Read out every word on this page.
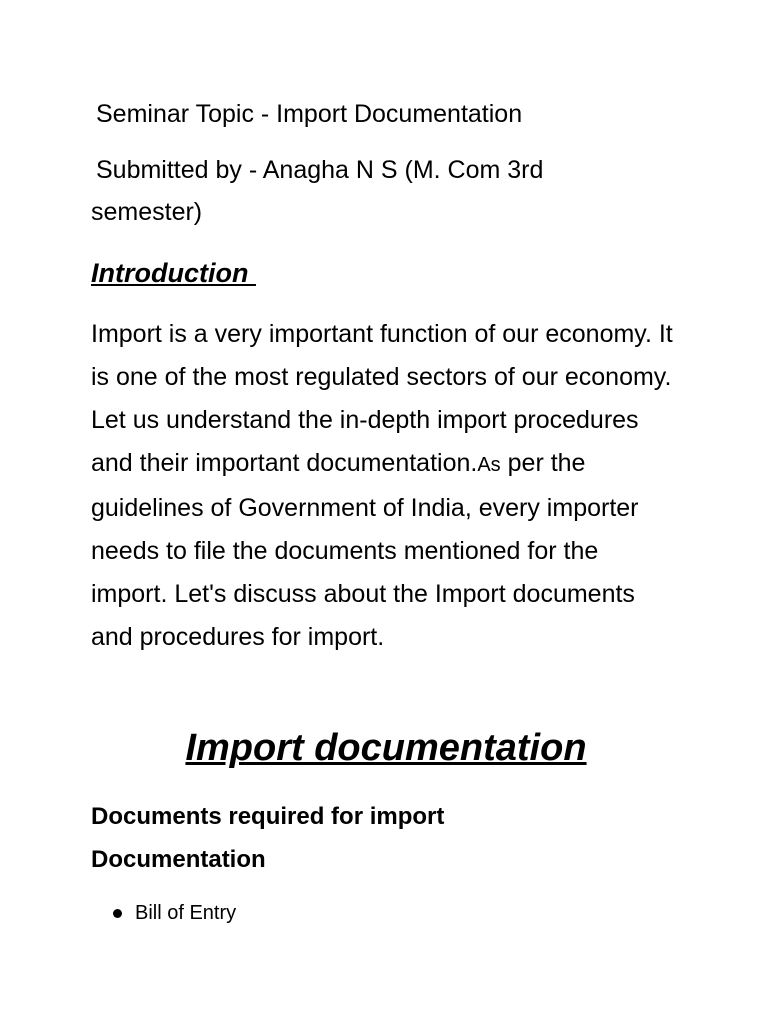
Seminar Topic - Import Documentation

Submitted by - Anagha N S (M. Com 3rd semester)

Introduction

Import is a very important function of our economy. It is one of the most regulated sectors of our economy. Let us understand the in-depth import procedures and their important documentation.As per the guidelines of Government of India, every importer needs to file the documents mentioned for the import. Let's discuss about the Import documents and procedures for import.

Import documentation
Documents required for import Documentation
Bill of Entry
